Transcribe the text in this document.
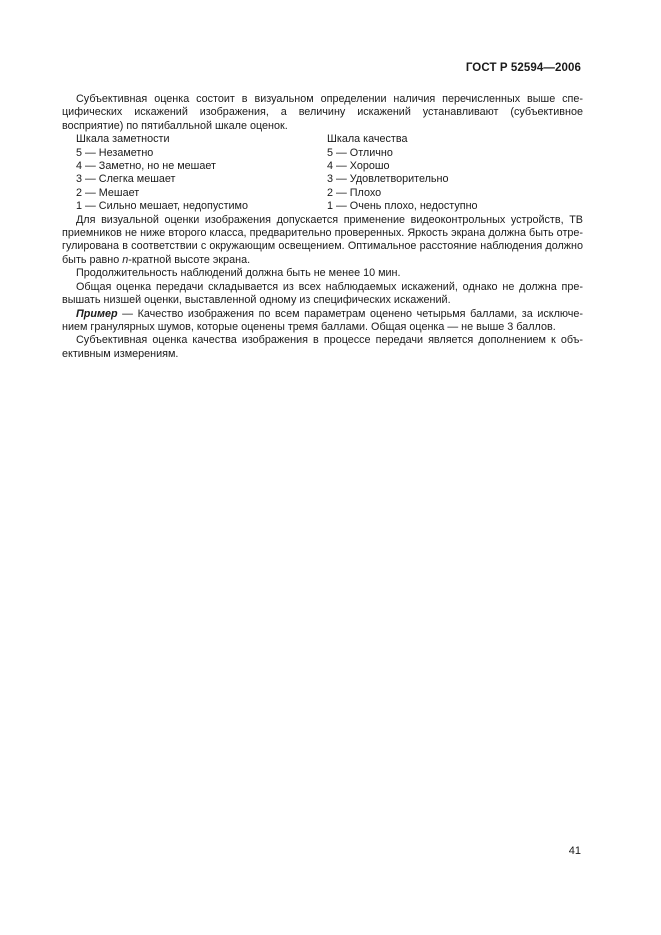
ГОСТ Р 52594—2006

Субъективная оценка состоит в визуальном определении наличия перечисленных выше спе- цифических искажений изображения, а величину искажений устанавливают (субъективное восприятие) по пятибалльной шкале оценок.

Шкала заметности	Шкала качества
5 — Незаметно	5 — Отлично
4 — Заметно, но не мешает	4 — Хорошо
3 — Слегка мешает	3 — Удовлетворительно
2 — Мешает	2 — Плохо
1 — Сильно мешает, недопустимо	1 — Очень плохо, недоступно

Для визуальной оценки изображения допускается применение видеоконтрольных устройств, ТВ приемников не ниже второго класса, предварительно проверенных. Яркость экрана должна быть отре- гулирована в соответствии с окружающим освещением. Оптимальное расстояние наблюдения должно быть равно n-кратной высоте экрана.

Продолжительность наблюдений должна быть не менее 10 мин.

Общая оценка передачи складывается из всех наблюдаемых искажений, однако не должна пре- вышать низшей оценки, выставленной одному из специфических искажений.

Пример — Качество изображения по всем параметрам оценено четырьмя баллами, за исключе- нием гранулярных шумов, которые оценены тремя баллами. Общая оценка — не выше 3 баллов.

Субъективная оценка качества изображения в процессе передачи является дополнением к объ- ективным измерениям.

41
